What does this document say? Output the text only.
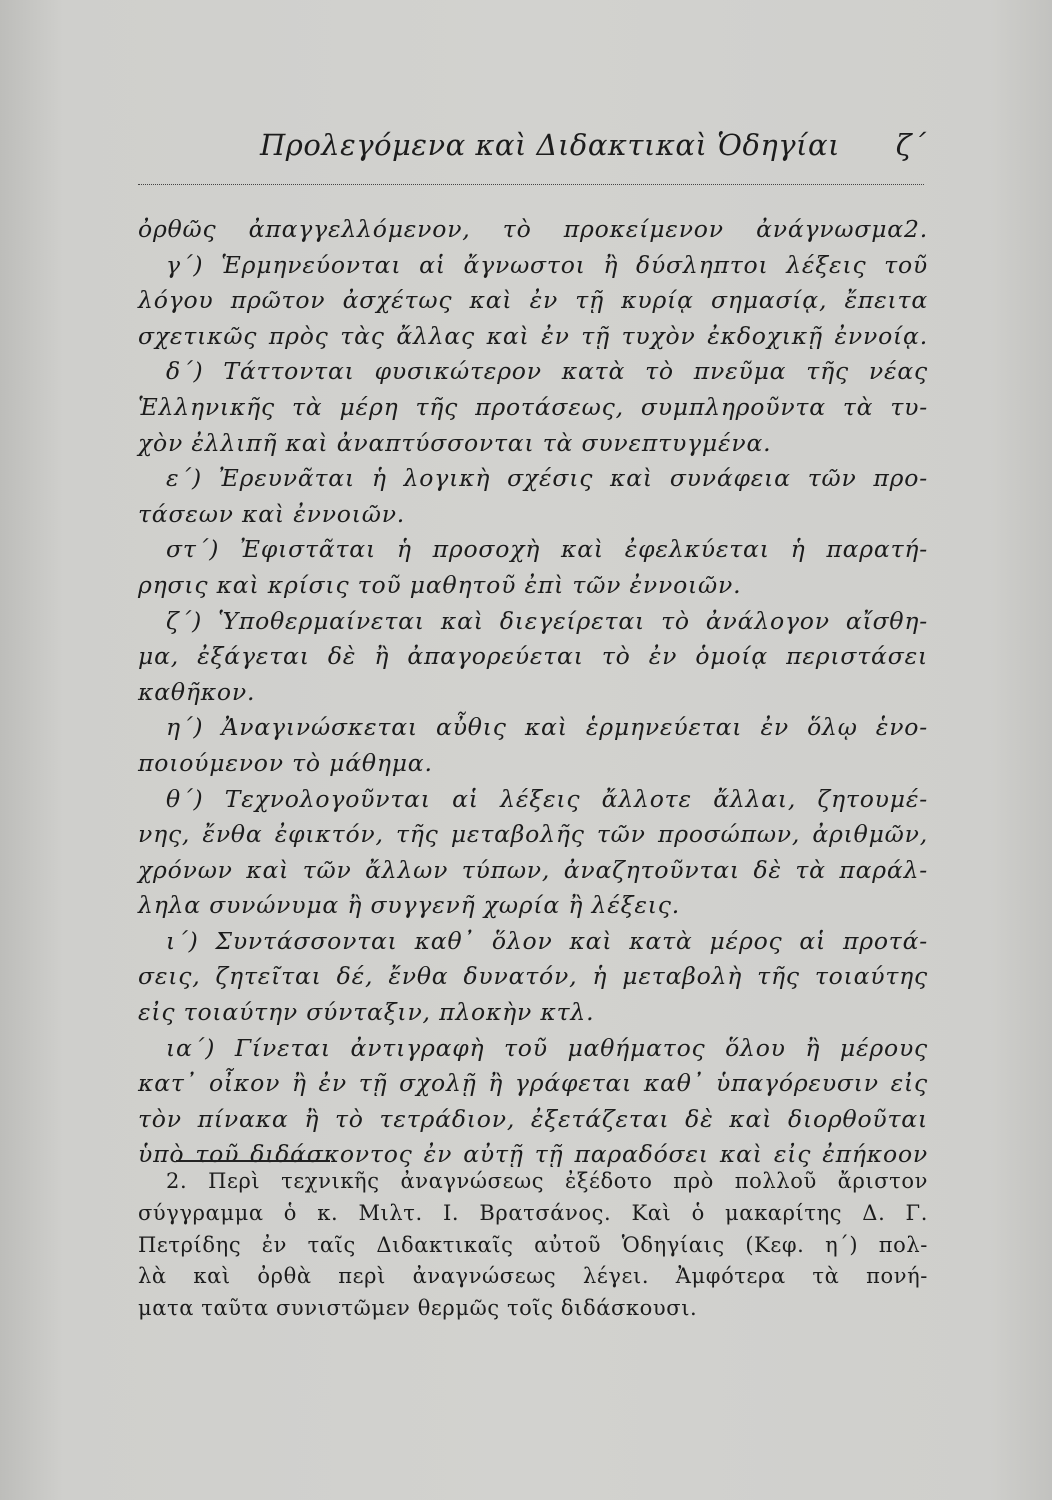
Προλεγόμενα καὶ Διδακτικαὶ Ὁδηγίαι ζ΄
ὀρθῶς ἀπαγγελλόμενον, τὸ προκείμενον ἀνάγνωσμα2.
γ΄) Ἑρμηνεύονται αἱ ἄγνωστοι ἢ δύσληπτοι λέξεις τοῦ
λόγου πρῶτον ἀσχέτως καὶ ἐν τῇ κυρίᾳ σημασίᾳ, ἔπειτα
σχετικῶς πρὸς τὰς ἄλλας καὶ ἐν τῇ τυχὸν ἐκδοχικῇ ἐννοίᾳ.
δ΄) Τάττονται φυσικώτερον κατὰ τὸ πνεῦμα τῆς νέας
Ἑλληνικῆς τὰ μέρη τῆς προτάσεως, συμπληροῦντα τὰ τυ-
χὸν ἐλλιπῆ καὶ ἀναπτύσσονται τὰ συνεπτυγμένα.
ε΄) Ἐρευνᾶται ἡ λογικὴ σχέσις καὶ συνάφεια τῶν προ-
τάσεων καὶ ἐννοιῶν.
στ΄) Ἐφιστᾶται ἡ προσοχὴ καὶ ἐφελκύεται ἡ παρατή-
ρησις καὶ κρίσις τοῦ μαθητοῦ ἐπὶ τῶν ἐννοιῶν.
ζ΄) Ὑποθερμαίνεται καὶ διεγείρεται τὸ ἀνάλογον αἴσθη-
μα, ἐξάγεται δὲ ἢ ἀπαγορεύεται τὸ ἐν ὁμοίᾳ περιστάσει
καθῆκον.
η΄) Ἀναγινώσκεται αὖθις καὶ ἑρμηνεύεται ἐν ὅλῳ ἑνο-
ποιούμενον τὸ μάθημα.
θ΄) Τεχνολογοῦνται αἱ λέξεις ἄλλοτε ἄλλαι, ζητουμέ-
νης, ἔνθα ἐφικτόν, τῆς μεταβολῆς τῶν προσώπων, ἀριθμῶν,
χρόνων καὶ τῶν ἄλλων τύπων, ἀναζητοῦνται δὲ τὰ παράλ-
ληλα συνώνυμα ἢ συγγενῆ χωρία ἢ λέξεις.
ι΄) Συντάσσονται καθ᾽ ὅλον καὶ κατὰ μέρος αἱ προτά-
σεις, ζητεῖται δέ, ἔνθα δυνατόν, ἡ μεταβολὴ τῆς τοιαύτης
εἰς τοιαύτην σύνταξιν, πλοκὴν κτλ.
ια΄) Γίνεται ἀντιγραφὴ τοῦ μαθήματος ὅλου ἢ μέρους
κατ᾽ οἶκον ἢ ἐν τῇ σχολῇ ἢ γράφεται καθ᾽ ὑπαγόρευσιν εἰς
τὸν πίνακα ἢ τὸ τετράδιον, ἐξετάζεται δὲ καὶ διορθοῦται
ὑπὸ τοῦ διδάσκοντος ἐν αὐτῇ τῇ παραδόσει καὶ εἰς ἐπήκοον
2. Περὶ τεχνικῆς ἀναγνώσεως ἐξέδοτο πρὸ πολλοῦ ἄριστον
σύγγραμμα ὁ κ. Μιλτ. Ι. Βρατσάνος. Καὶ ὁ μακαρίτης Δ. Γ.
Πετρίδης ἐν ταῖς Διδακτικαῖς αὐτοῦ Ὁδηγίαις (Κεφ. η΄) πολ-
λὰ καὶ ὀρθὰ περὶ ἀναγνώσεως λέγει. Ἀμφότερα τὰ πονή-
ματα ταῦτα συνιστῶμεν θερμῶς τοῖς διδάσκουσι.
